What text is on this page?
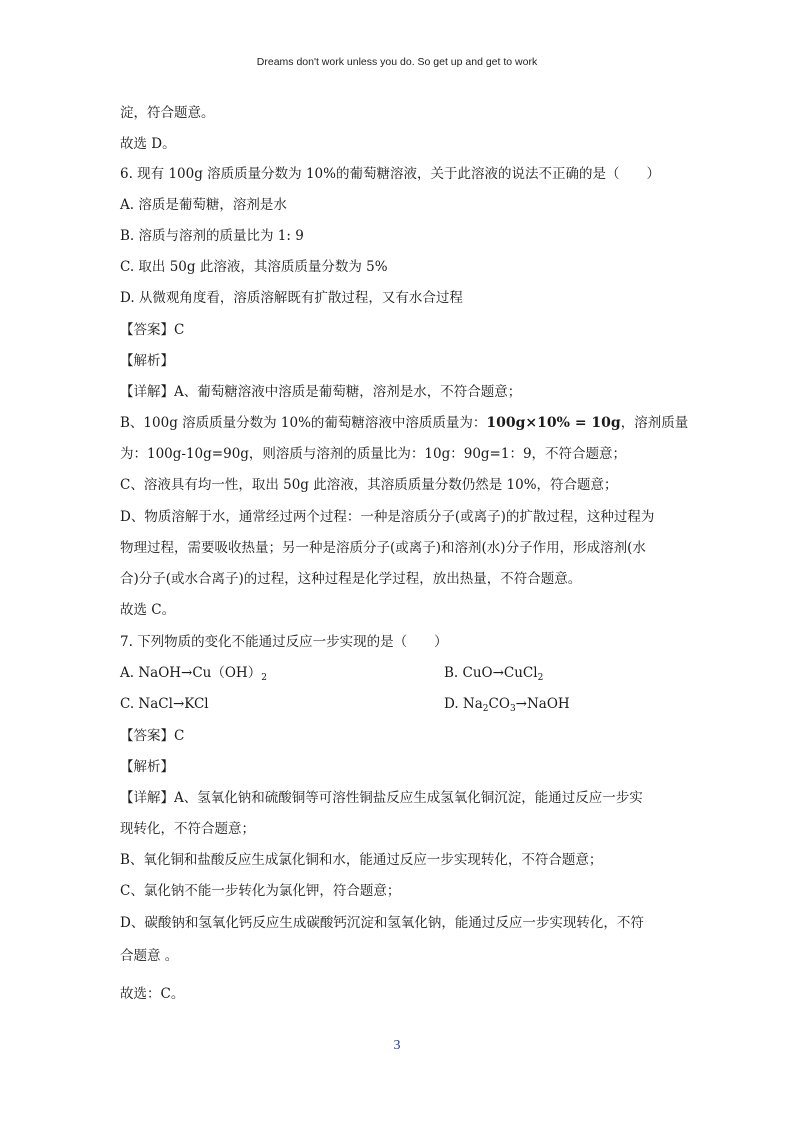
Dreams don't work unless you do. So get up and get to work
淀，符合题意。
故选 D。
6. 现有 100g 溶质质量分数为 10%的葡萄糖溶液，关于此溶液的说法不正确的是（　　）
A. 溶质是葡萄糖，溶剂是水
B. 溶质与溶剂的质量比为 1: 9
C. 取出 50g 此溶液，其溶质质量分数为 5%
D. 从微观角度看，溶质溶解既有扩散过程，又有水合过程
【答案】C
【解析】
【详解】A、葡萄糖溶液中溶质是葡萄糖，溶剂是水，不符合题意；
B、100g 溶质质量分数为 10%的葡萄糖溶液中溶质质量为：100g×10% = 10g，溶剂质量
为：100g-10g=90g，则溶质与溶剂的质量比为：10g：90g=1：9，不符合题意；
C、溶液具有均一性，取出 50g 此溶液，其溶质质量分数仍然是 10%，符合题意；
D、物质溶解于水，通常经过两个过程：一种是溶质分子(或离子)的扩散过程，这种过程为
物理过程，需要吸收热量；另一种是溶质分子(或离子)和溶剂(水)分子作用，形成溶剂(水
合)分子(或水合离子)的过程，这种过程是化学过程，放出热量，不符合题意。
故选 C。
7. 下列物质的变化不能通过反应一步实现的是（　　）
A. $NaOH\to Cu(OH)_2$	B. CuO→CuCl$_2$
C. NaCl→KCl	D. $Na_2CO_3\to NaOH$
【答案】C
【解析】
【详解】A、氢氧化钠和硫酸铜等可溶性铜盐反应生成氢氧化铜沉淀，能通过反应一步实
现转化，不符合题意；
B、氧化铜和盐酸反应生成氯化铜和水，能通过反应一步实现转化，不符合题意；
C、氯化钠不能一步转化为氯化钾，符合题意；
D、碳酸钠和氢氧化钙反应生成碳酸钙沉淀和氢氧化钠，能通过反应一步实现转化，不符
合题意 。
故选：C。
3
